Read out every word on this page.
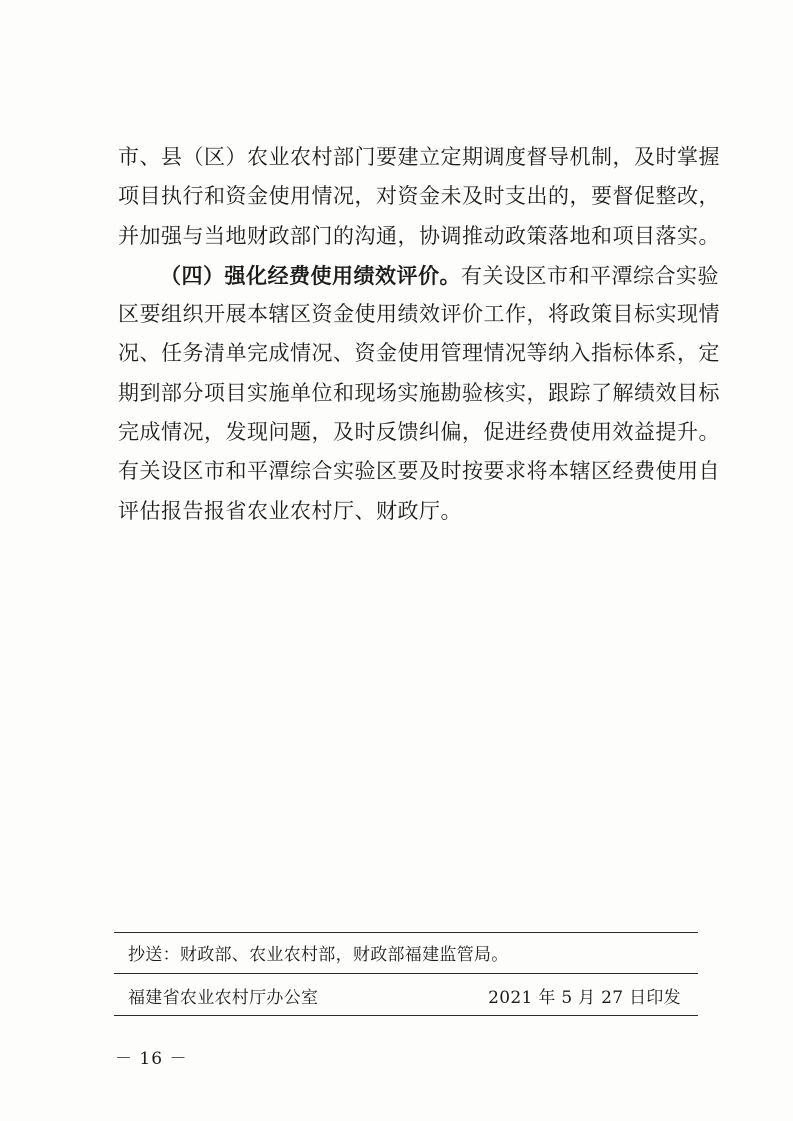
市、县（区）农业农村部门要建立定期调度督导机制，及时掌握
项目执行和资金使用情况，对资金未及时支出的，要督促整改，
并加强与当地财政部门的沟通，协调推动政策落地和项目落实。
（四）强化经费使用绩效评价。有关设区市和平潭综合实验
区要组织开展本辖区资金使用绩效评价工作，将政策目标实现情
况、任务清单完成情况、资金使用管理情况等纳入指标体系，定
期到部分项目实施单位和现场实施勘验核实，跟踪了解绩效目标
完成情况，发现问题，及时反馈纠偏，促进经费使用效益提升。
有关设区市和平潭综合实验区要及时按要求将本辖区经费使用自
评估报告报省农业农村厅、财政厅。
抄送：财政部、农业农村部，财政部福建监管局。
福建省农业农村厅办公室	2021 年 5 月 27 日印发
－ 16 －
